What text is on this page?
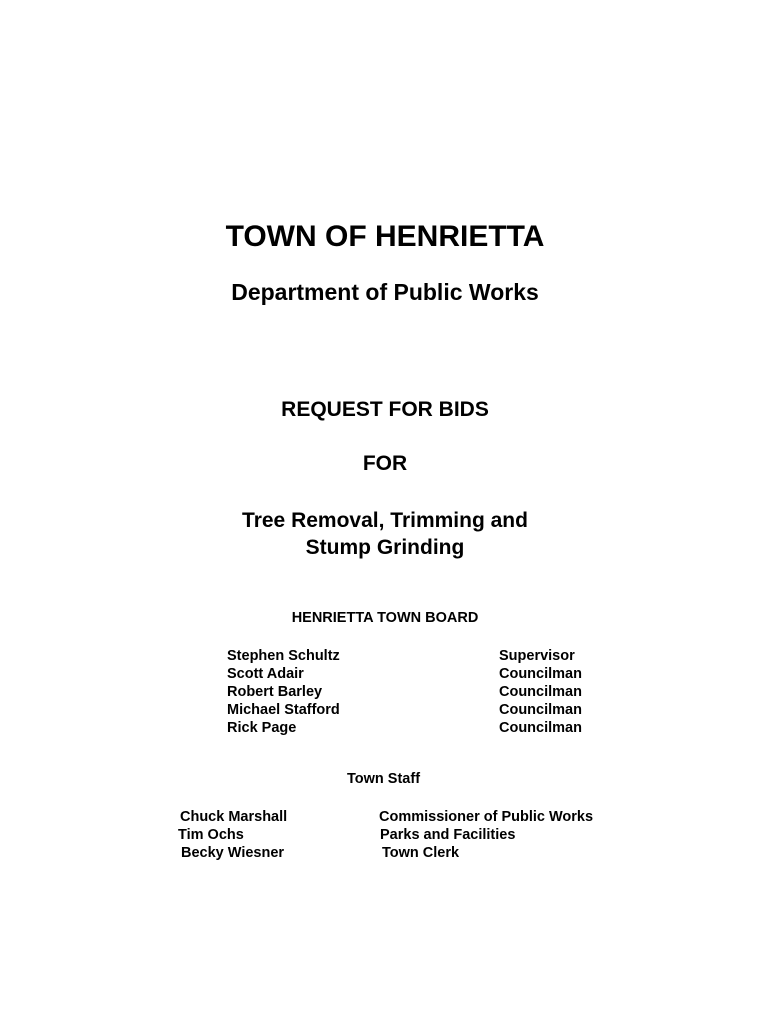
TOWN OF HENRIETTA
Department of Public Works
REQUEST FOR BIDS
FOR
Tree Removal, Trimming and
Stump Grinding
HENRIETTA TOWN BOARD
Stephen Schultz
Scott Adair
Robert Barley
Michael Stafford
Rick Page
Supervisor
Councilman
Councilman
Councilman
Councilman
Town Staff
Chuck Marshall
Tim Ochs
Becky Wiesner
Commissioner of Public Works
Parks and Facilities
Town Clerk
